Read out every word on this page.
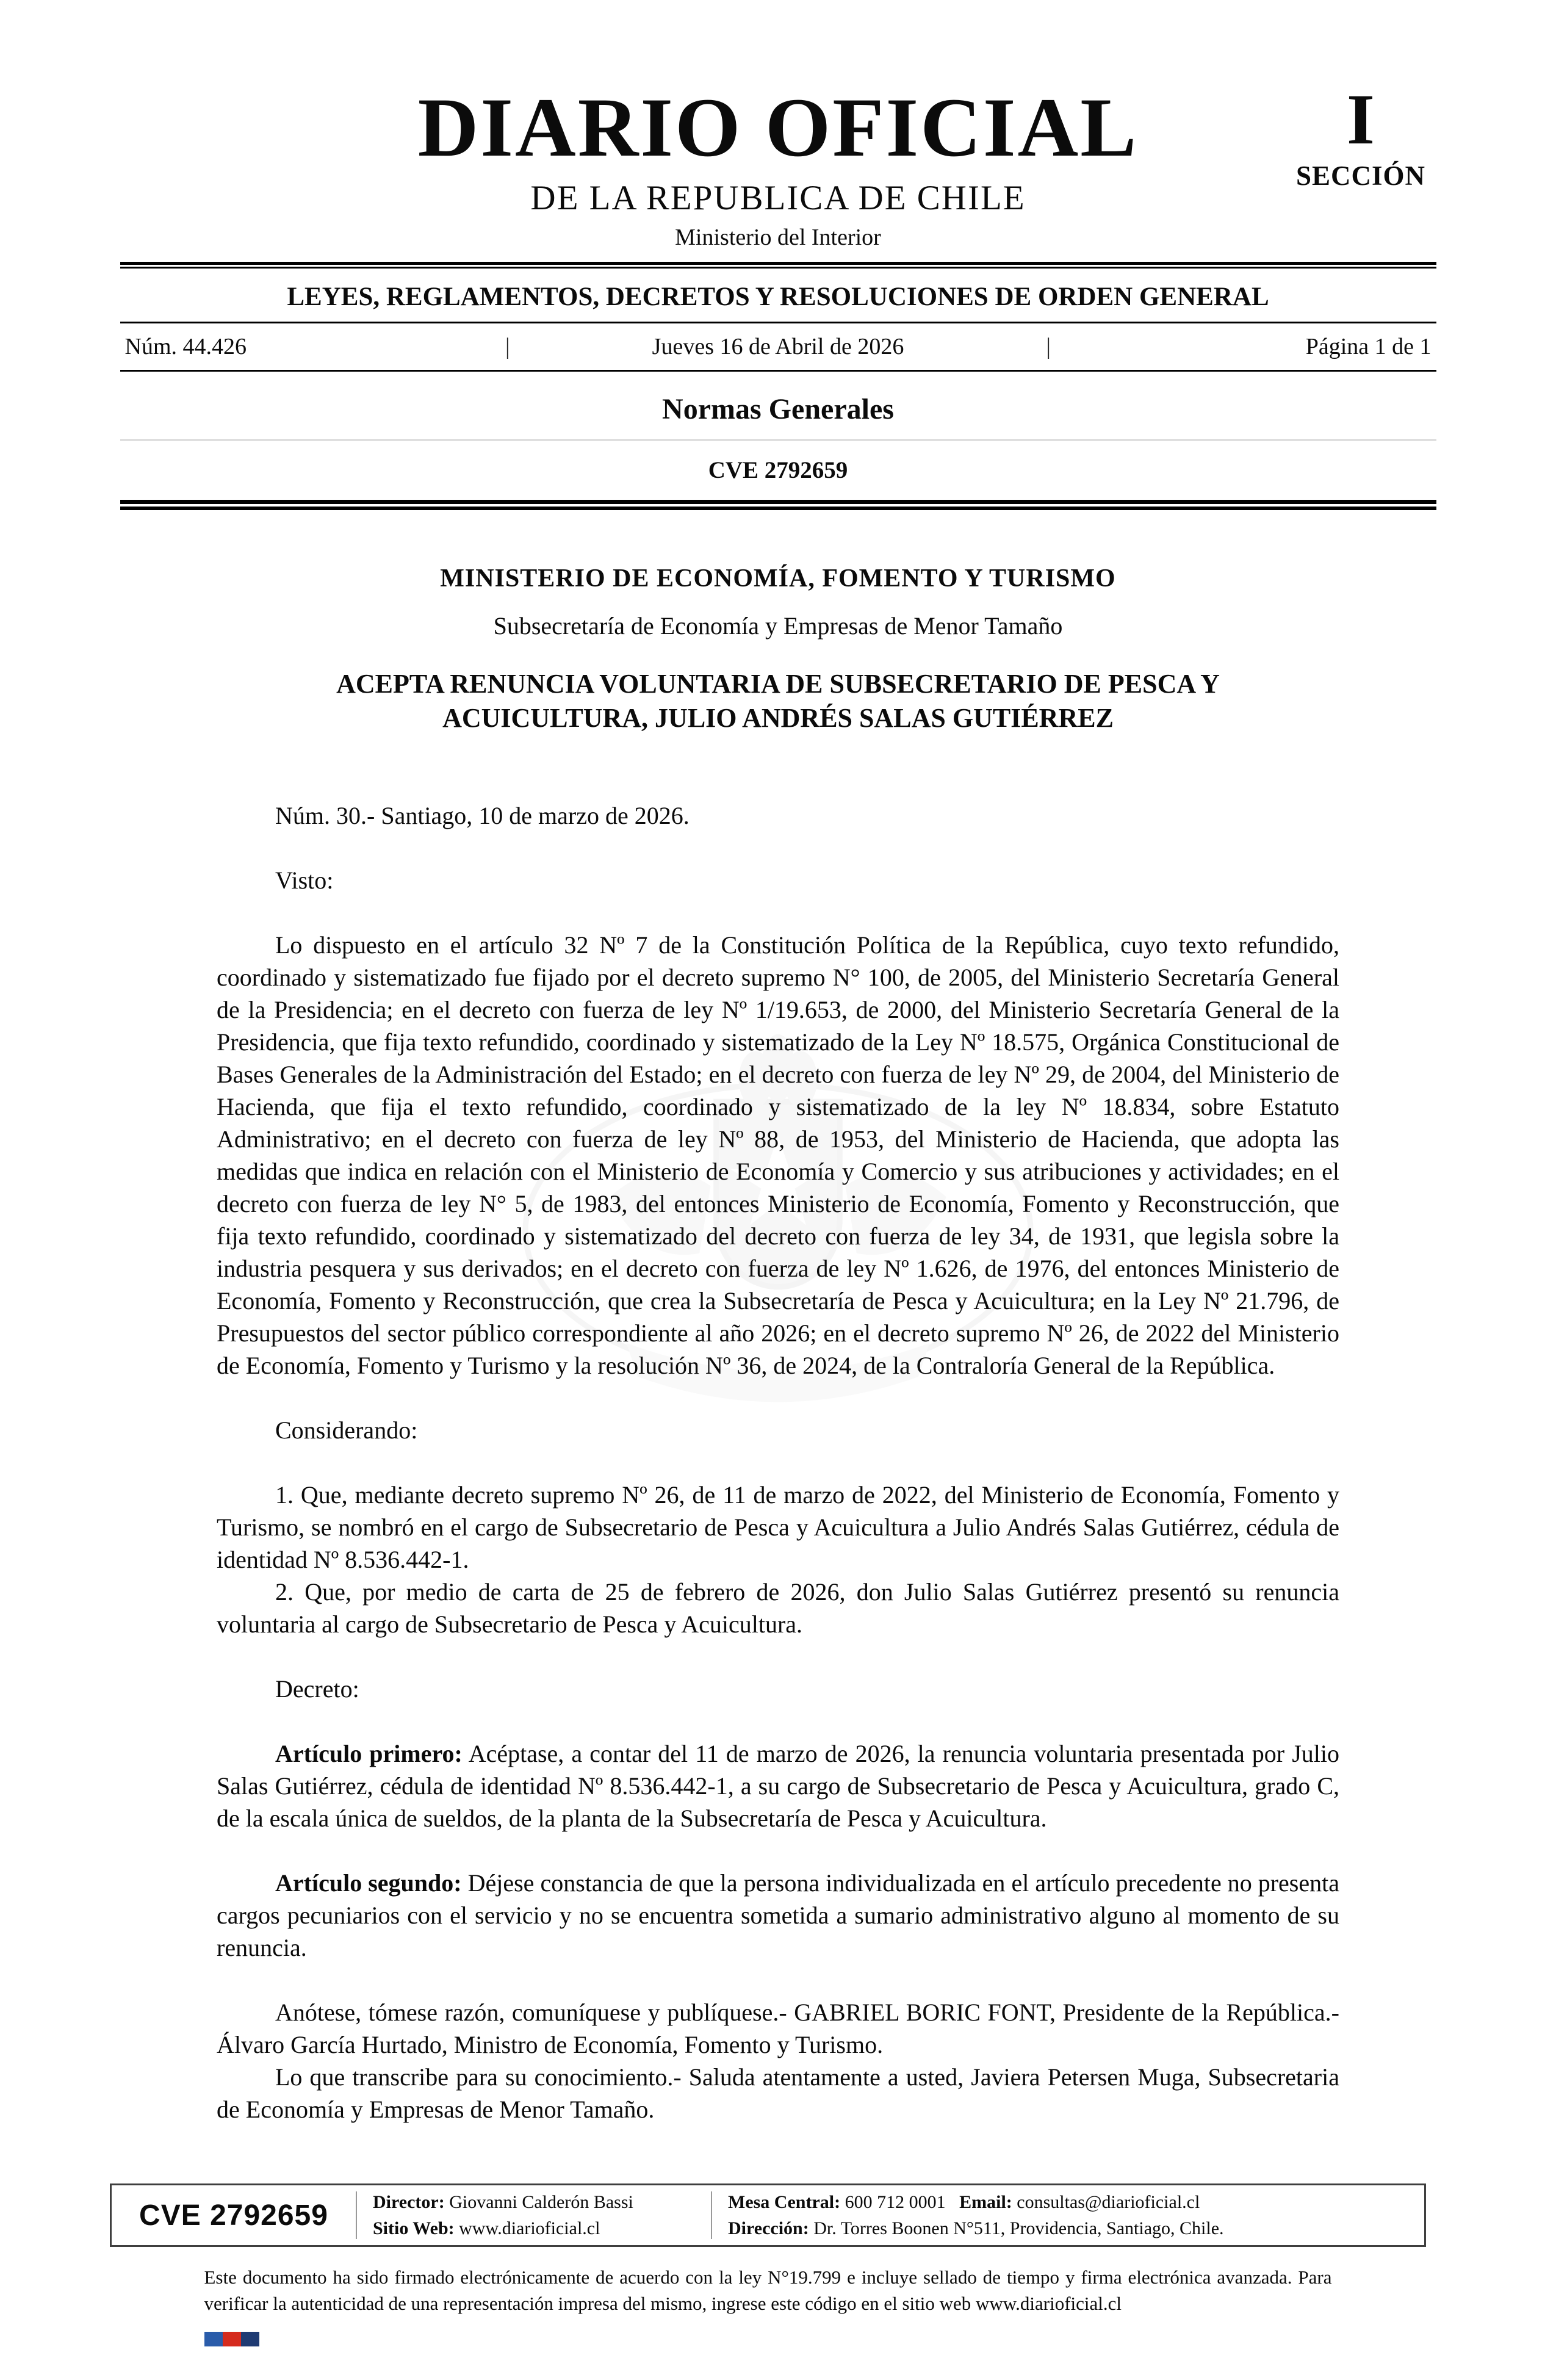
DIARIO OFICIAL
DE LA REPUBLICA DE CHILE
Ministerio del Interior
I
SECCIÓN
LEYES, REGLAMENTOS, DECRETOS Y RESOLUCIONES DE ORDEN GENERAL
Núm. 44.426	|	Jueves 16 de Abril de 2026	|	Página 1 de 1
Normas Generales
CVE 2792659
MINISTERIO DE ECONOMÍA, FOMENTO Y TURISMO
Subsecretaría de Economía y Empresas de Menor Tamaño
ACEPTA RENUNCIA VOLUNTARIA DE SUBSECRETARIO DE PESCA Y ACUICULTURA, JULIO ANDRÉS SALAS GUTIÉRREZ

Núm. 30.- Santiago, 10 de marzo de 2026.

Visto:

Lo dispuesto en el artículo 32 Nº 7 de la Constitución Política de la República, cuyo texto refundido, coordinado y sistematizado fue fijado por el decreto supremo N° 100, de 2005, del Ministerio Secretaría General de la Presidencia; en el decreto con fuerza de ley Nº 1/19.653, de 2000, del Ministerio Secretaría General de la Presidencia, que fija texto refundido, coordinado y sistematizado de la Ley Nº 18.575, Orgánica Constitucional de Bases Generales de la Administración del Estado; en el decreto con fuerza de ley Nº 29, de 2004, del Ministerio de Hacienda, que fija el texto refundido, coordinado y sistematizado de la ley Nº 18.834, sobre Estatuto Administrativo; en el decreto con fuerza de ley Nº 88, de 1953, del Ministerio de Hacienda, que adopta las medidas que indica en relación con el Ministerio de Economía y Comercio y sus atribuciones y actividades; en el decreto con fuerza de ley N° 5, de 1983, del entonces Ministerio de Economía, Fomento y Reconstrucción, que fija texto refundido, coordinado y sistematizado del decreto con fuerza de ley 34, de 1931, que legisla sobre la industria pesquera y sus derivados; en el decreto con fuerza de ley Nº 1.626, de 1976, del entonces Ministerio de Economía, Fomento y Reconstrucción, que crea la Subsecretaría de Pesca y Acuicultura; en la Ley Nº 21.796, de Presupuestos del sector público correspondiente al año 2026; en el decreto supremo Nº 26, de 2022 del Ministerio de Economía, Fomento y Turismo y la resolución Nº 36, de 2024, de la Contraloría General de la República.

Considerando:

1. Que, mediante decreto supremo Nº 26, de 11 de marzo de 2022, del Ministerio de Economía, Fomento y Turismo, se nombró en el cargo de Subsecretario de Pesca y Acuicultura a Julio Andrés Salas Gutiérrez, cédula de identidad Nº 8.536.442-1.

2. Que, por medio de carta de 25 de febrero de 2026, don Julio Salas Gutiérrez presentó su renuncia voluntaria al cargo de Subsecretario de Pesca y Acuicultura.

Decreto:

Artículo primero: Acéptase, a contar del 11 de marzo de 2026, la renuncia voluntaria presentada por Julio Salas Gutiérrez, cédula de identidad Nº 8.536.442-1, a su cargo de Subsecretario de Pesca y Acuicultura, grado C, de la escala única de sueldos, de la planta de la Subsecretaría de Pesca y Acuicultura.

Artículo segundo: Déjese constancia de que la persona individualizada en el artículo precedente no presenta cargos pecuniarios con el servicio y no se encuentra sometida a sumario administrativo alguno al momento de su renuncia.

Anótese, tómese razón, comuníquese y publíquese.- GABRIEL BORIC FONT, Presidente de la República.- Álvaro García Hurtado, Ministro de Economía, Fomento y Turismo.

Lo que transcribe para su conocimiento.- Saluda atentamente a usted, Javiera Petersen Muga, Subsecretaria de Economía y Empresas de Menor Tamaño.

CVE 2792659	Director: Giovanni Calderón Bassi
Sitio Web: www.diarioficial.cl
Mesa Central: 600 712 0001 Email: consultas@diarioficial.cl
Dirección: Dr. Torres Boonen N°511, Providencia, Santiago, Chile.
Este documento ha sido firmado electrónicamente de acuerdo con la ley N°19.799 e incluye sellado de tiempo y firma electrónica avanzada. Para verificar la autenticidad de una representación impresa del mismo, ingrese este código en el sitio web www.diarioficial.cl
